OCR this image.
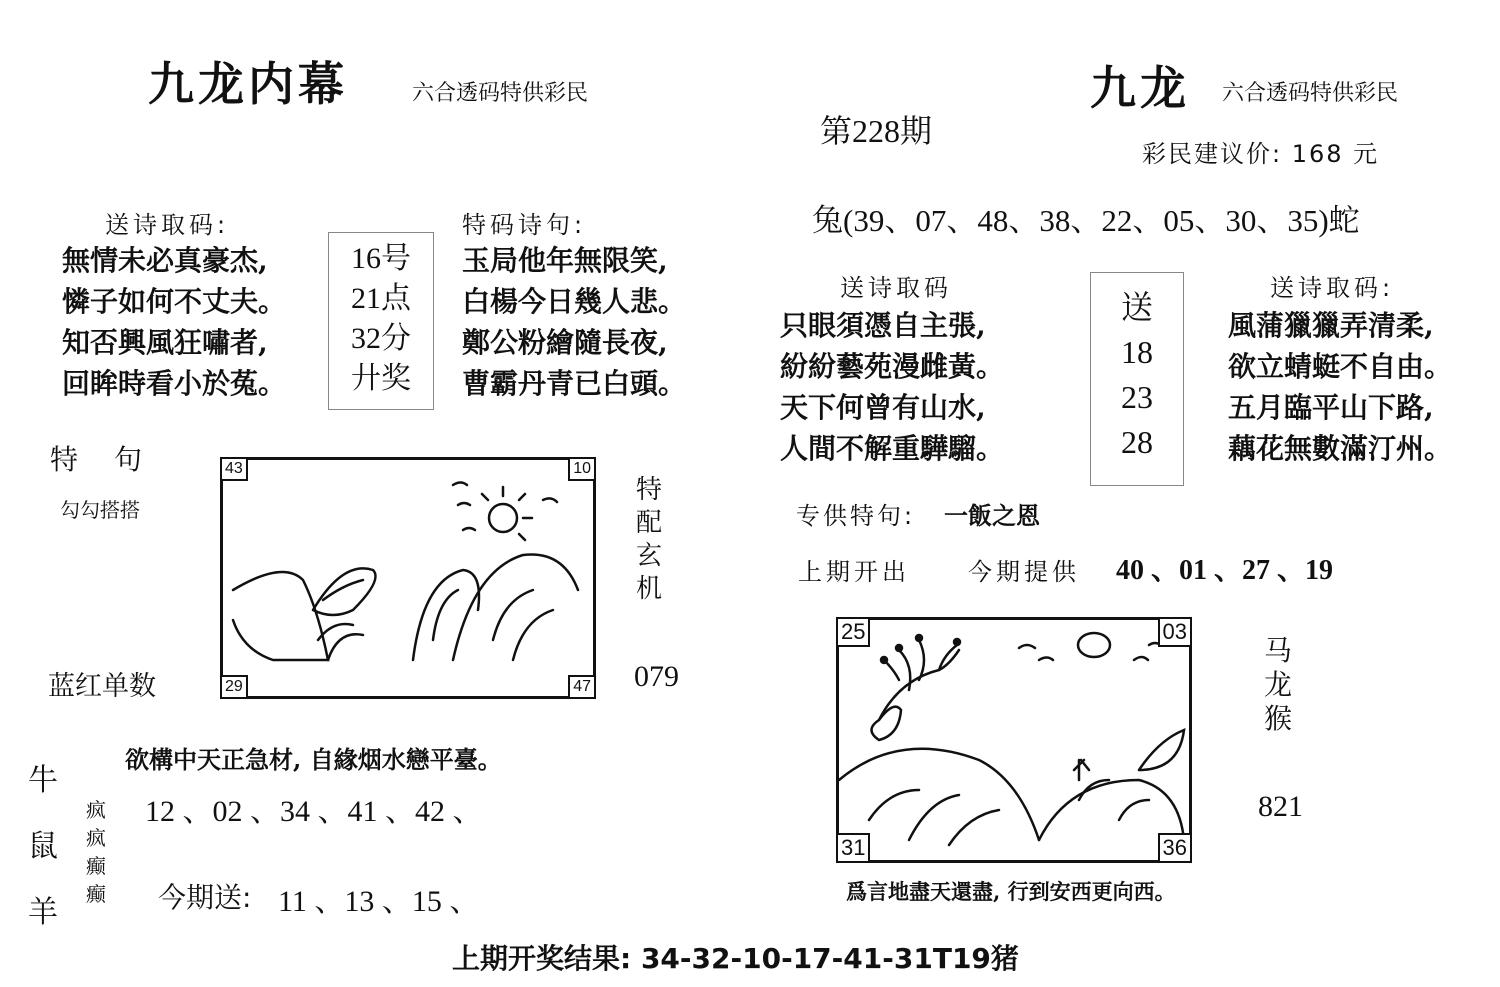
九龙内幕	六合透码特供彩民
送诗取码:
無情未必真豪杰,
憐子如何不丈夫。
知否興風狂嘯者,
回眸時看小於菟。
16号
21点
32分
廾奖
特码诗句:
玉局他年無限笑,
白楊今日幾人悲。
鄭公粉繪隨長夜,
曹霸丹青已白頭。
特　句
勾勾搭搭
蓝红单数
43	10
29	47
特
配
玄
机
079
牛
鼠
羊
疯
疯
癫
癫
欲構中天正急材, 自緣烟水戀平臺。
12 、02 、34 、41 、42 、
今期送: 11 、13 、15 、
九龙 六合透码特供彩民
第228期
彩民建议价: 168 元
兔(39、07、48、38、22、05、30、35)蛇
送诗取码
只眼須憑自主張,
紛紛藝苑漫雌黃。
天下何曾有山水,
人間不解重驊騮。
送
18
23
28
送诗取码:
風蒲獵獵弄清柔,
欲立蜻蜓不自由。
五月臨平山下路,
藕花無數滿汀州。
专供特句: 一飯之恩
上期开出 今期提供 40 、01 、27 、19
25	03
31	36
马
龙
猴
821
爲言地盡天還盡, 行到安西更向西。
上期开奖结果: 34-32-10-17-41-31T19猪
